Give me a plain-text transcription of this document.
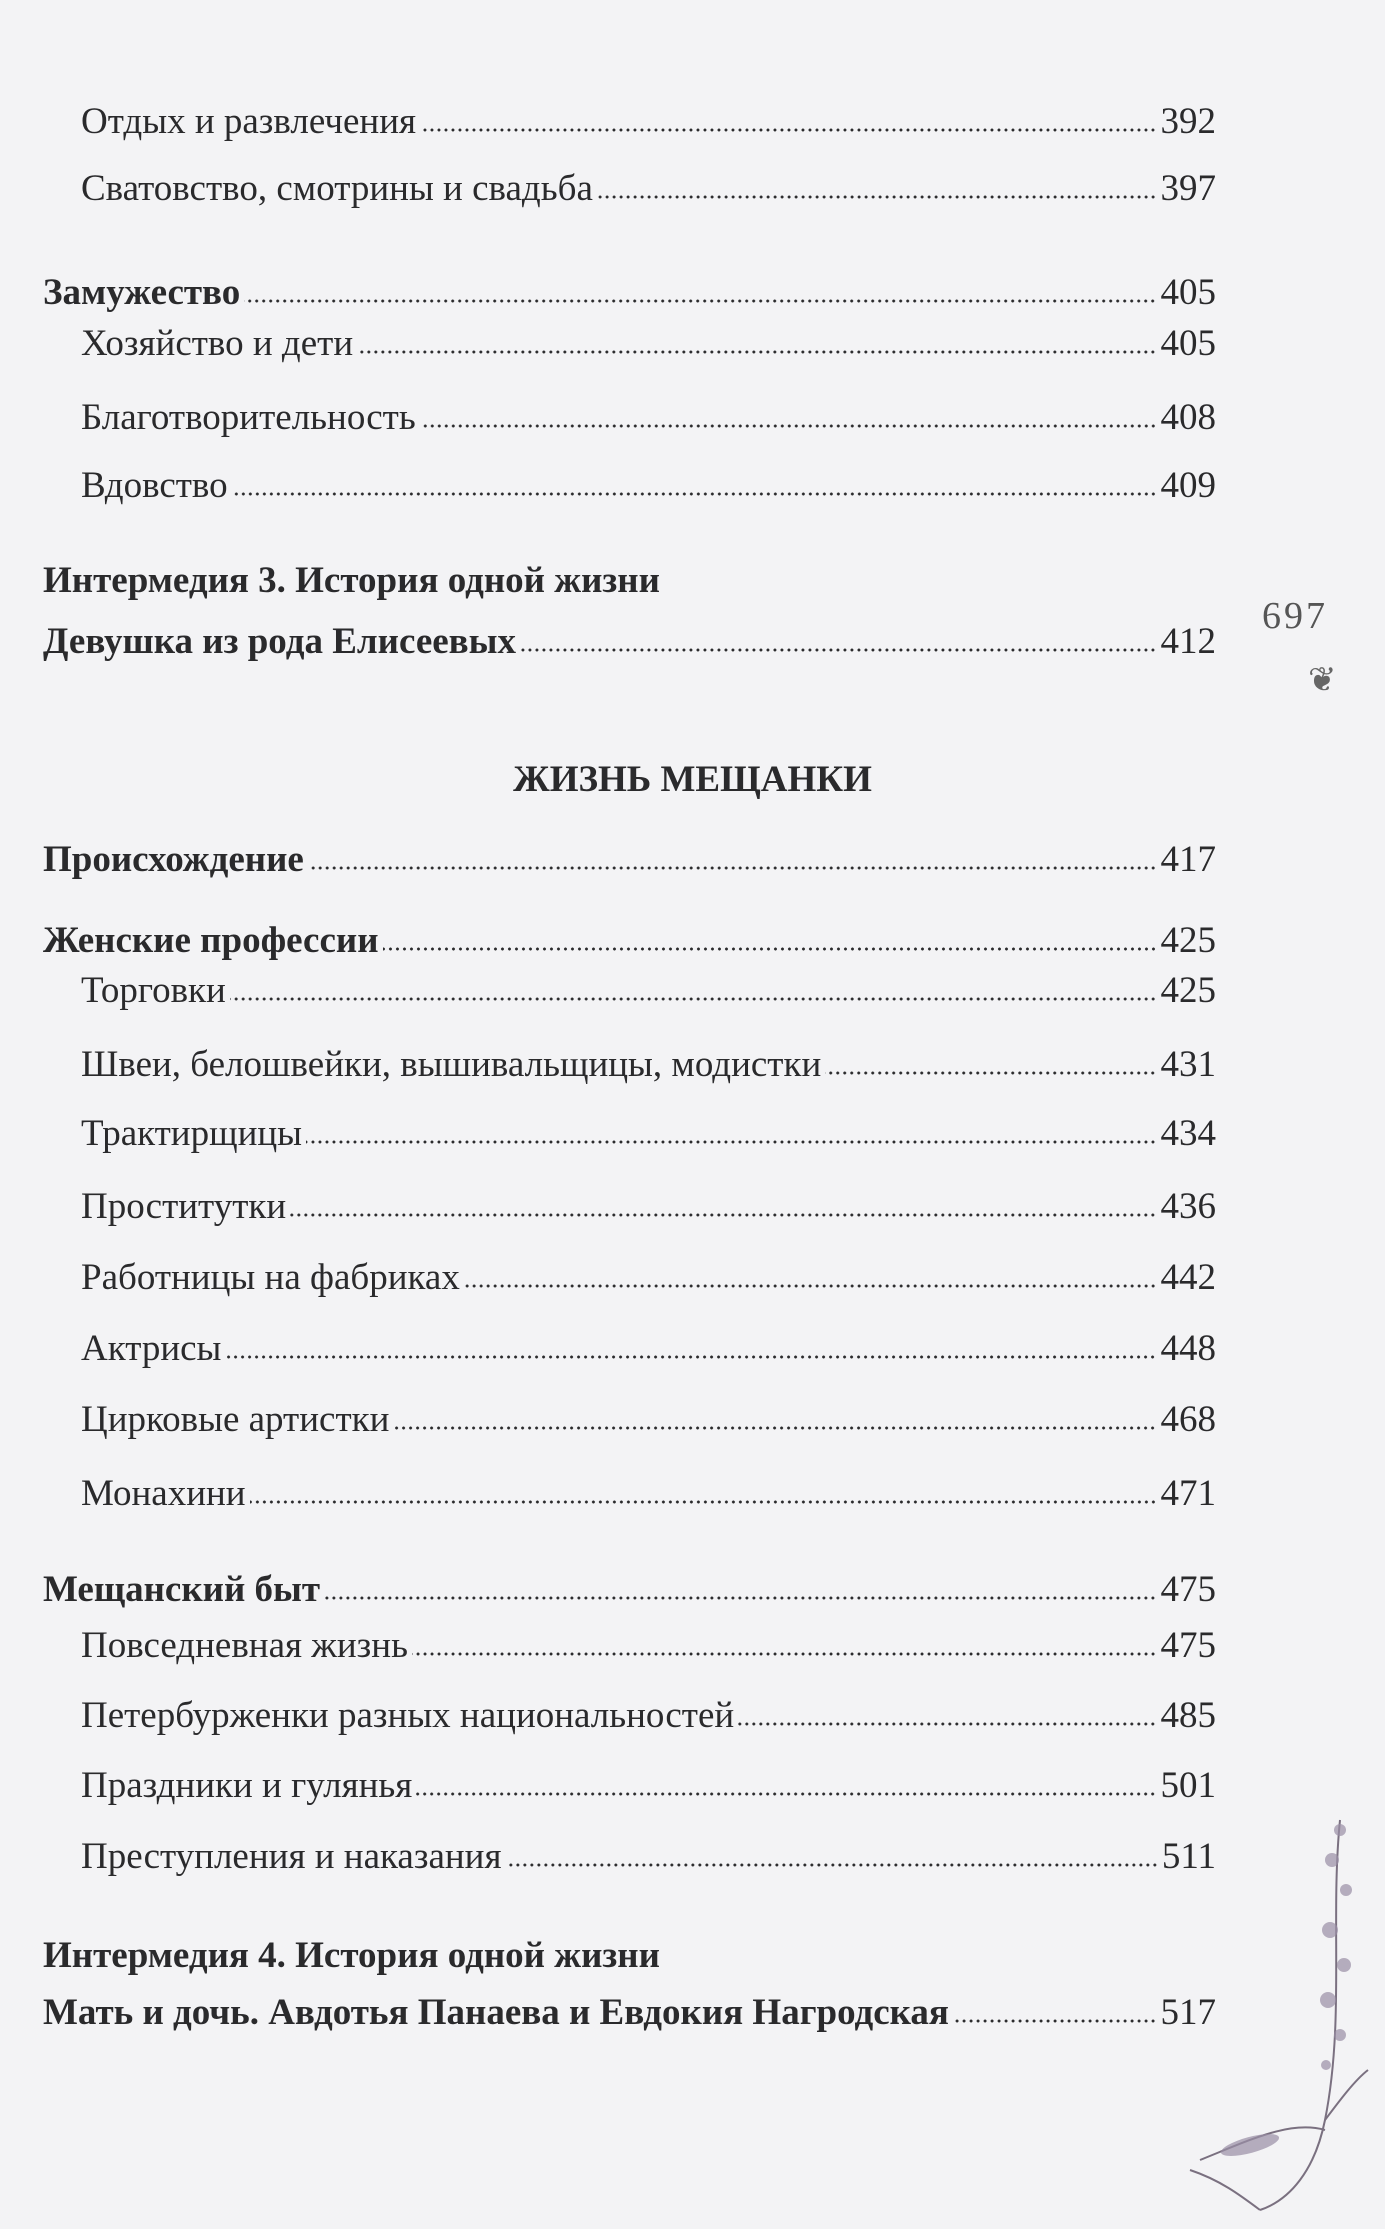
Отдых и развлечения	392
Сватовство, смотрины и свадьба	397
Замужество	405
Хозяйство и дети	405
Благотворительность	408
Вдовство	409
Интермедия 3. История одной жизни
Девушка из рода Елисеевых	412
ЖИЗНЬ МЕЩАНКИ
Происхождение	417
Женские профессии	425
Торговки	425
Швеи, белошвейки, вышивальщицы, модистки	431
Трактирщицы	434
Проститутки	436
Работницы на фабриках	442
Актрисы	448
Цирковые артистки	468
Монахини	471
Мещанский быт	475
Повседневная жизнь	475
Петербурженки разных национальностей	485
Праздники и гулянья	501
Преступления и наказания	511
Интермедия 4. История одной жизни
Мать и дочь. Авдотья Панаева и Евдокия Нагродская	517
697
❦
